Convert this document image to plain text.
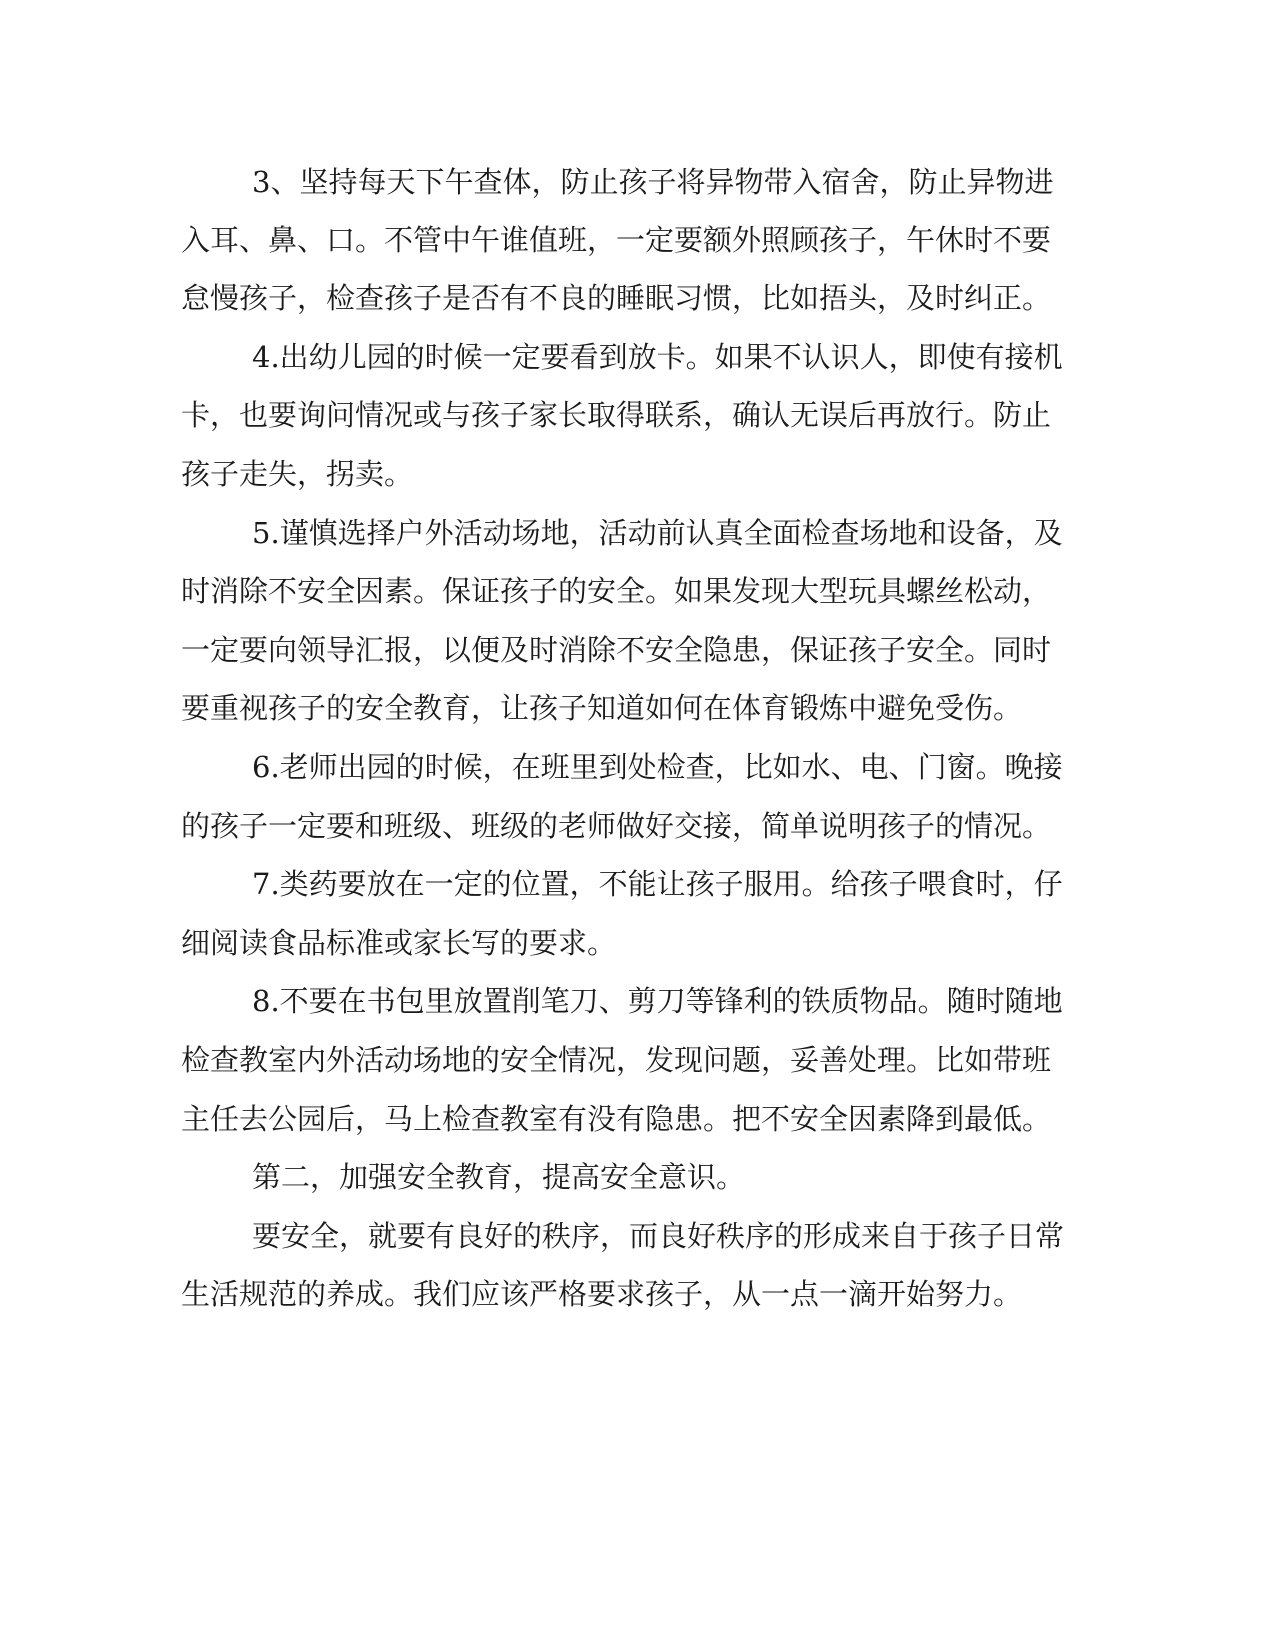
3、坚持每天下午查体，防止孩子将异物带入宿舍，防止异物进
入耳、鼻、口。不管中午谁值班，一定要额外照顾孩子，午休时不要
怠慢孩子，检查孩子是否有不良的睡眠习惯，比如捂头，及时纠正。
4.出幼儿园的时候一定要看到放卡。如果不认识人，即使有接机
卡，也要询问情况或与孩子家长取得联系，确认无误后再放行。防止
孩子走失，拐卖。
5.谨慎选择户外活动场地，活动前认真全面检查场地和设备，及
时消除不安全因素。保证孩子的安全。如果发现大型玩具螺丝松动，
一定要向领导汇报，以便及时消除不安全隐患，保证孩子安全。同时
要重视孩子的安全教育，让孩子知道如何在体育锻炼中避免受伤。
6.老师出园的时候，在班里到处检查，比如水、电、门窗。晚接
的孩子一定要和班级、班级的老师做好交接，简单说明孩子的情况。
7.类药要放在一定的位置，不能让孩子服用。给孩子喂食时，仔
细阅读食品标准或家长写的要求。
8.不要在书包里放置削笔刀、剪刀等锋利的铁质物品。随时随地
检查教室内外活动场地的安全情况，发现问题，妥善处理。比如带班
主任去公园后，马上检查教室有没有隐患。把不安全因素降到最低。
第二，加强安全教育，提高安全意识。
要安全，就要有良好的秩序，而良好秩序的形成来自于孩子日常
生活规范的养成。我们应该严格要求孩子，从一点一滴开始努力。
